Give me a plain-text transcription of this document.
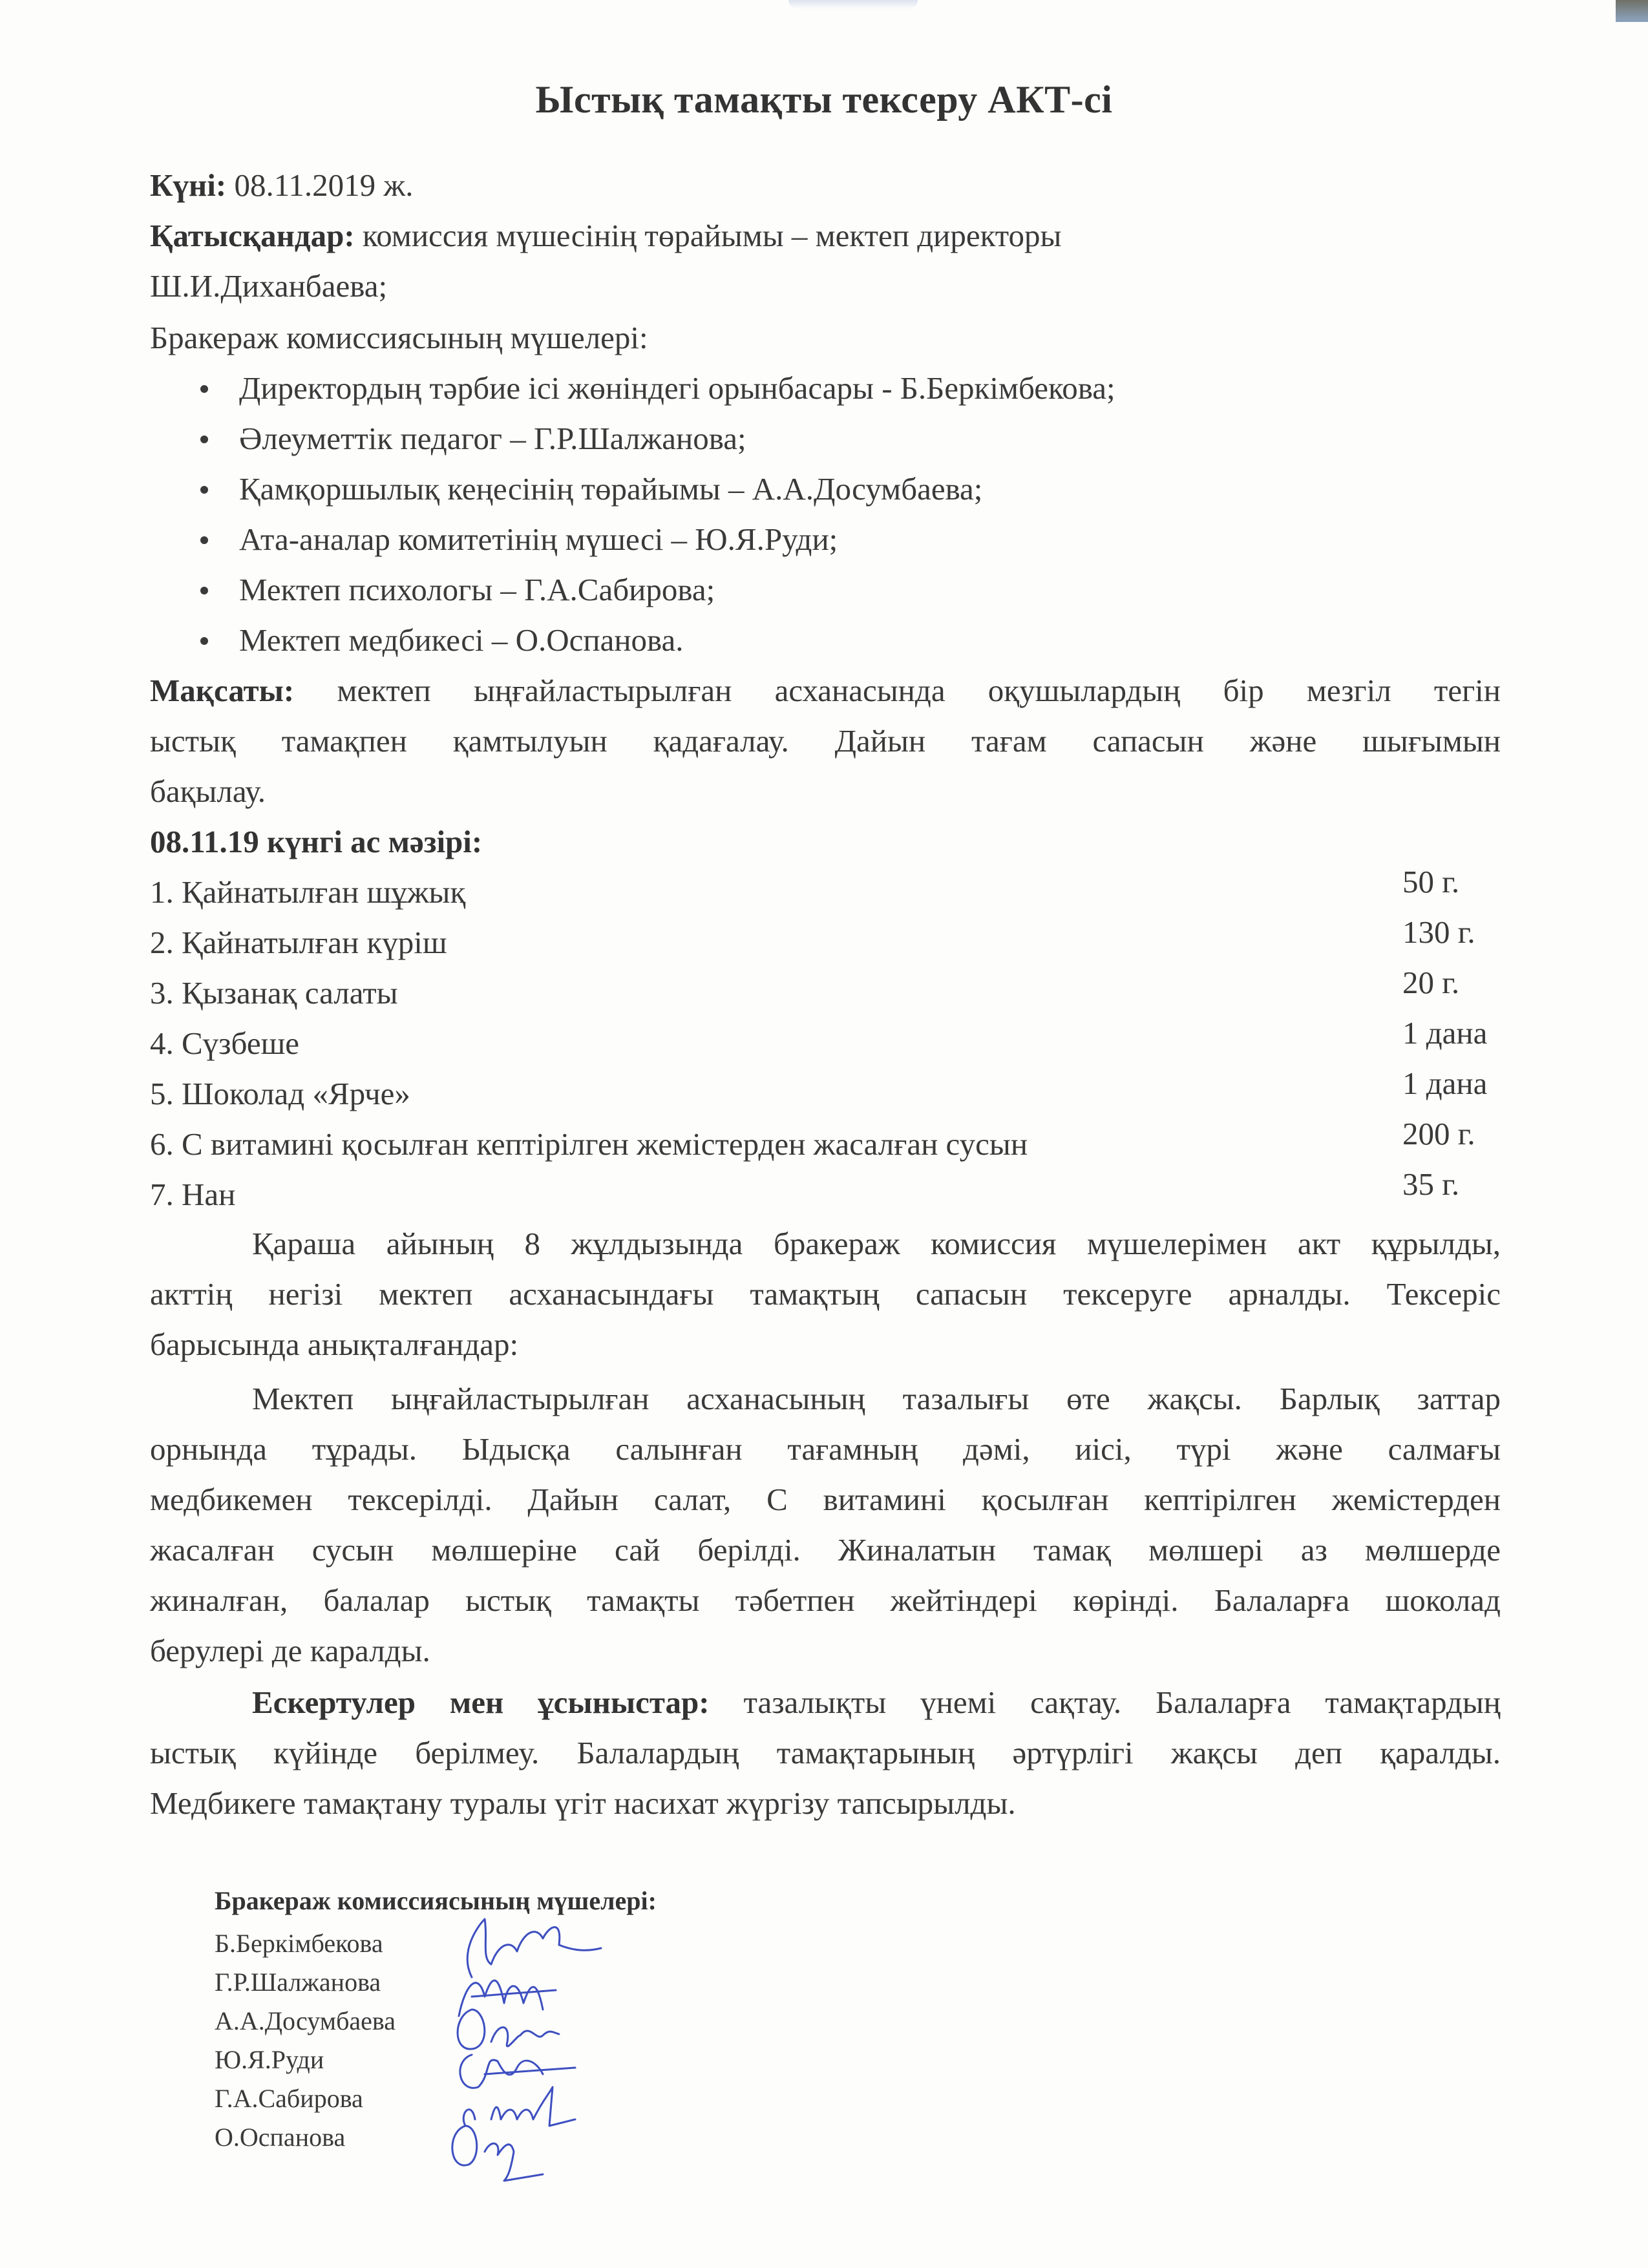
Ыстық тамақты тексеру АКТ-сі
Күні: 08.11.2019 ж.
Қатысқандар: комиссия мүшесінің төрайымы – мектеп директоры
Ш.И.Диханбаева;
Бракераж комиссиясының мүшелері:
Директордың тәрбие ісі жөніндегі орынбасары - Б.Беркімбекова;
Әлеуметтік педагог – Г.Р.Шалжанова;
Қамқоршылық кеңесінің төрайымы – А.А.Досумбаева;
Ата-аналар комитетінің мүшесі – Ю.Я.Руди;
Мектеп психологы – Г.А.Сабирова;
Мектеп медбикесі – О.Оспанова.
Мақсаты: мектеп ыңғайластырылған асханасында оқушылардың бір мезгіл тегін
ыстық тамақпен қамтылуын қадағалау. Дайын тағам сапасын және шығымын
бақылау.
08.11.19 күнгі ас мәзірі:
1. Қайнатылған шұжық	50 г.
2. Қайнатылған күріш	130 г.
3. Қызанақ салаты	20 г.
4. Сүзбеше	1 дана
5. Шоколад «Ярче»	1 дана
6. С витамині қосылған кептірілген жемістерден жасалған сусын	200 г.
7. Нан	35 г.
Қараша айының 8 жұлдызында бракераж комиссия мүшелерімен акт құрылды,
акттің негізі мектеп асханасындағы тамақтың сапасын тексеруге арналды. Тексеріс
барысында анықталғандар:
Мектеп ыңғайластырылған асханасының тазалығы өте жақсы. Барлық заттар
орнында тұрады. Ыдысқа салынған тағамның дәмі, иісі, түрі және салмағы
медбикемен тексерілді. Дайын салат, С витамині қосылған кептірілген жемістерден
жасалған сусын мөлшеріне сай берілді. Жиналатын тамақ мөлшері аз мөлшерде
жиналған, балалар ыстық тамақты тәбетпен жейтіндері көрінді. Балаларға шоколад
берулері де каралды.
Ескертулер мен ұсыныстар: тазалықты үнемі сақтау. Балаларға тамақтардың
ыстық күйінде берілмеу. Балалардың тамақтарының әртүрлігі жақсы деп қаралды.
Медбикеге тамақтану туралы үгіт насихат жүргізу тапсырылды.
Бракераж комиссиясының мүшелері:
Б.Беркімбекова
Г.Р.Шалжанова
А.А.Досумбаева
Ю.Я.Руди
Г.А.Сабирова
О.Оспанова
